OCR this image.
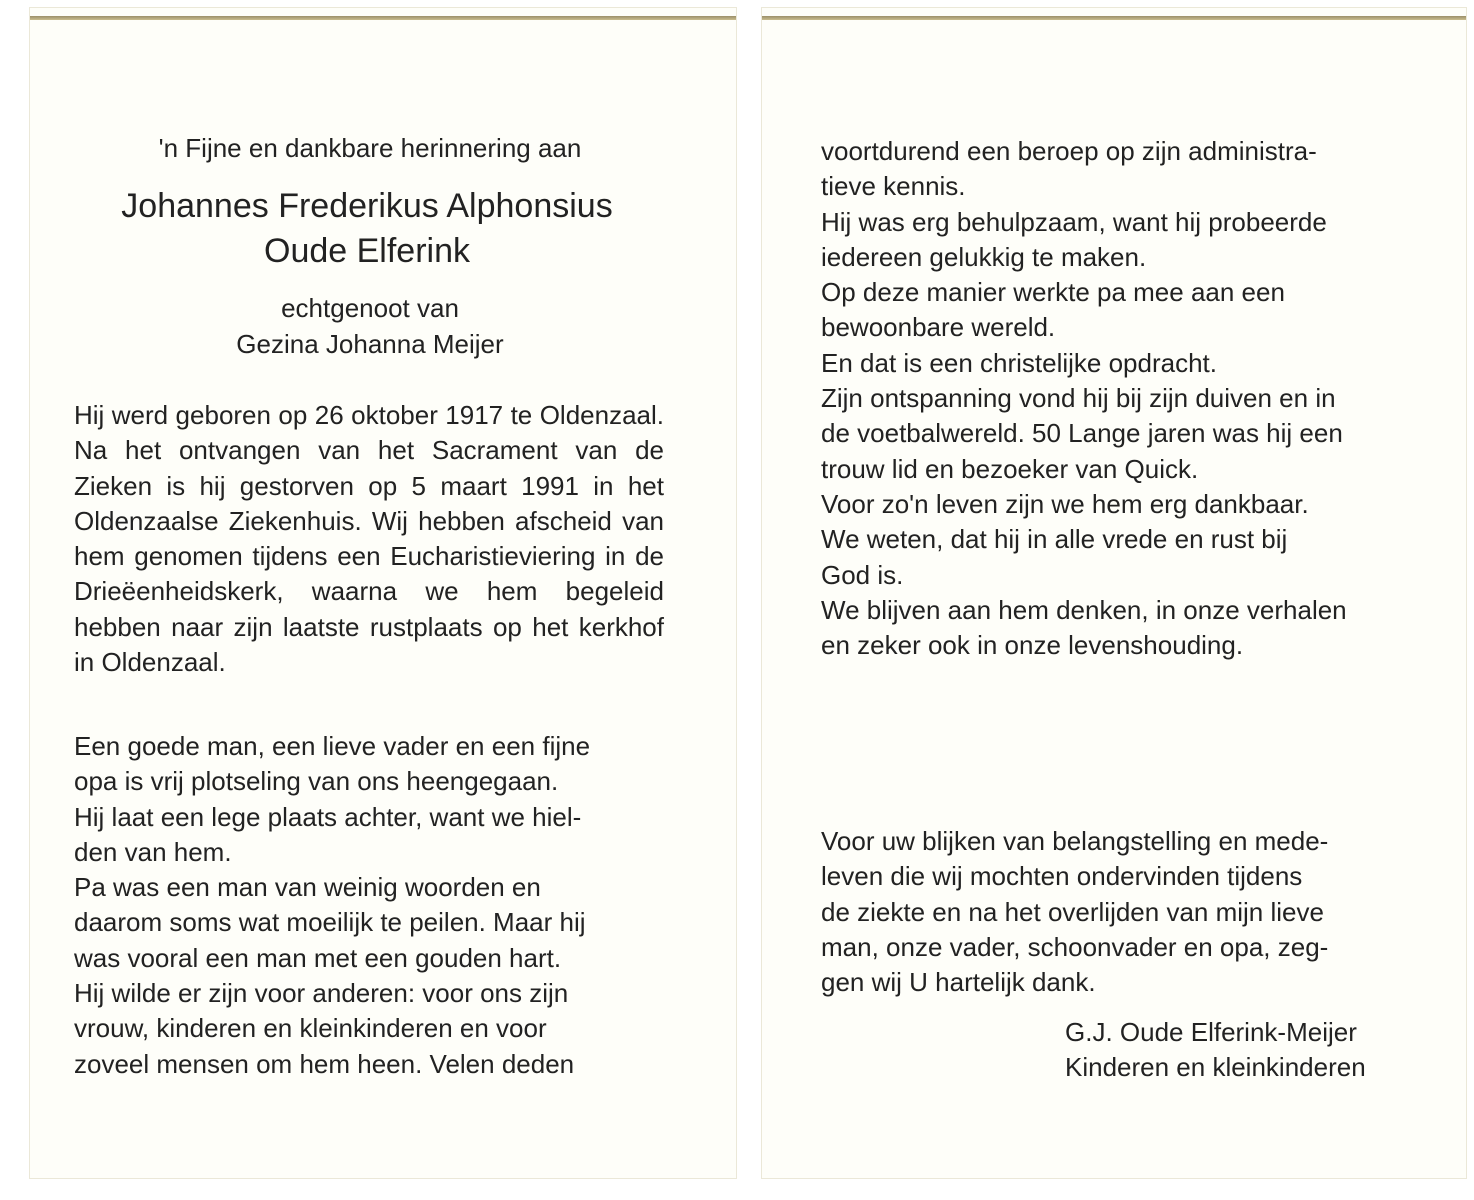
'n Fijne en dankbare herinnering aan
Johannes Frederikus Alphonsius
Oude Elferink
echtgenoot van
Gezina Johanna Meijer

Hij werd geboren op 26 oktober 1917 te Oldenzaal. Na het ontvangen van het Sacrament van de Zieken is hij gestorven op 5 maart 1991 in het Oldenzaalse Ziekenhuis. Wij hebben afscheid van hem genomen tijdens een Eucharistieviering in de Drieëenheidskerk, waarna we hem begeleid hebben naar zijn laatste rustplaats op het kerkhof in Oldenzaal.

Een goede man, een lieve vader en een fijne
opa is vrij plotseling van ons heengegaan.
Hij laat een lege plaats achter, want we hiel-
den van hem.
Pa was een man van weinig woorden en
daarom soms wat moeilijk te peilen. Maar hij
was vooral een man met een gouden hart.
Hij wilde er zijn voor anderen: voor ons zijn
vrouw, kinderen en kleinkinderen en voor
zoveel mensen om hem heen. Velen deden
voortdurend een beroep op zijn administra-
tieve kennis.
Hij was erg behulpzaam, want hij probeerde
iedereen gelukkig te maken.
Op deze manier werkte pa mee aan een
bewoonbare wereld.
En dat is een christelijke opdracht.
Zijn ontspanning vond hij bij zijn duiven en in
de voetbalwereld. 50 Lange jaren was hij een
trouw lid en bezoeker van Quick.
Voor zo'n leven zijn we hem erg dankbaar.
We weten, dat hij in alle vrede en rust bij
God is.
We blijven aan hem denken, in onze verhalen
en zeker ook in onze levenshouding.
Voor uw blijken van belangstelling en mede-
leven die wij mochten ondervinden tijdens
de ziekte en na het overlijden van mijn lieve
man, onze vader, schoonvader en opa, zeg-
gen wij U hartelijk dank.
G.J. Oude Elferink-Meijer
Kinderen en kleinkinderen
